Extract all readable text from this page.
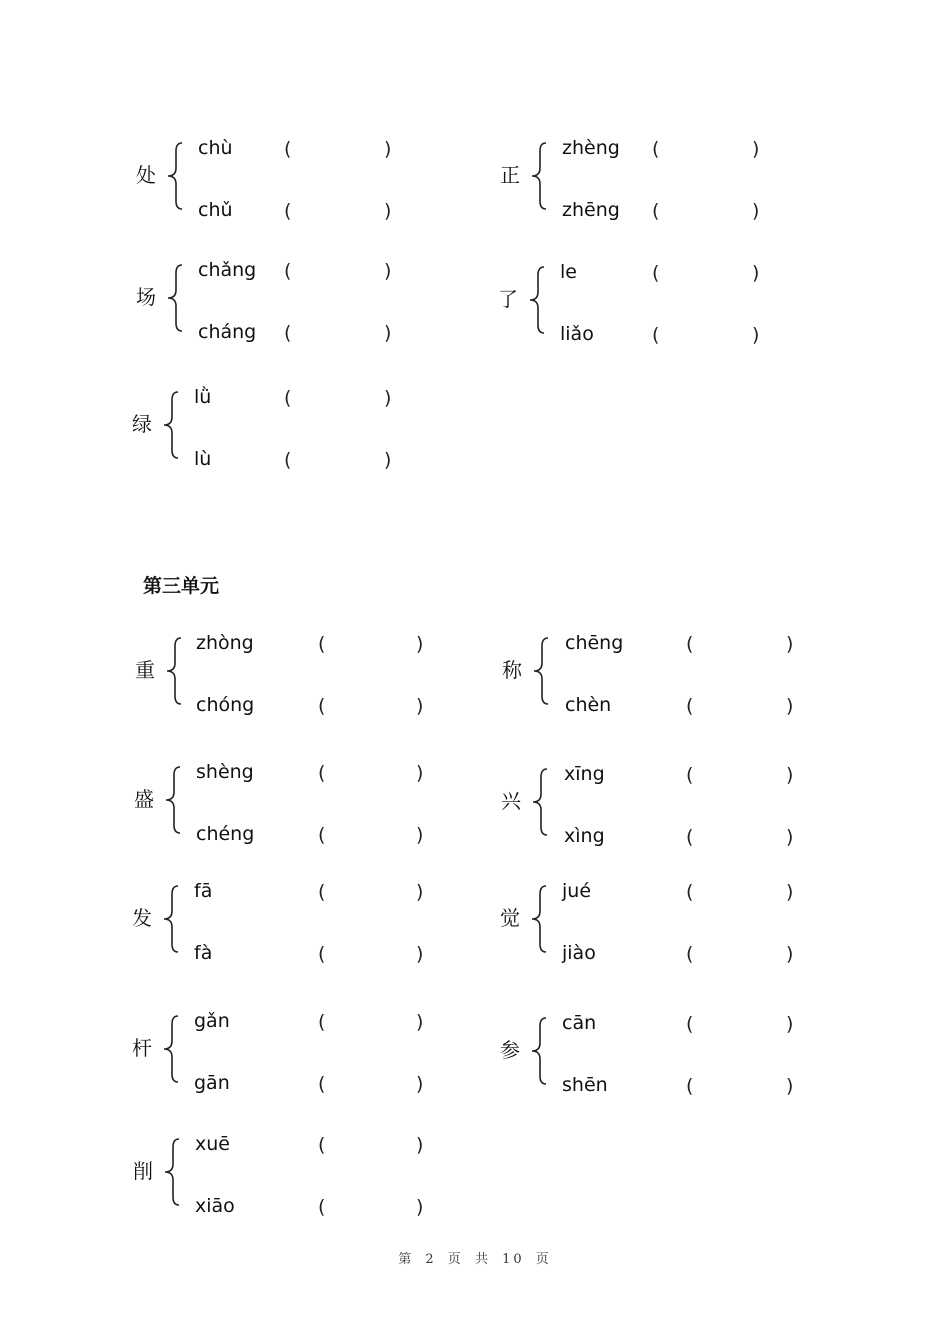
第三单元
处
chù	(	)
chǔ	(	)
正
zhèng (	)
zhēng (	)
场
chǎng (	)
cháng (	)
了
le	(	)
liǎo	(	)
绿
lǜ	(	)
lù	(	)
重
zhòng	(	)
chóng	(	)
称
chēng	(	)
chèn	(	)
盛
shèng	(	)
chéng	(	)
兴
xīng	(	)
xìng	(	)
发
fā	(	)
fà	(	)
觉
jué	(	)
jiào	(	)
杆
gǎn	(	)
gān	(	)
参
cān	(	)
shēn	(	)
削
xuē	(	)
xiāo	(	)
第 2 页 共 10 页
